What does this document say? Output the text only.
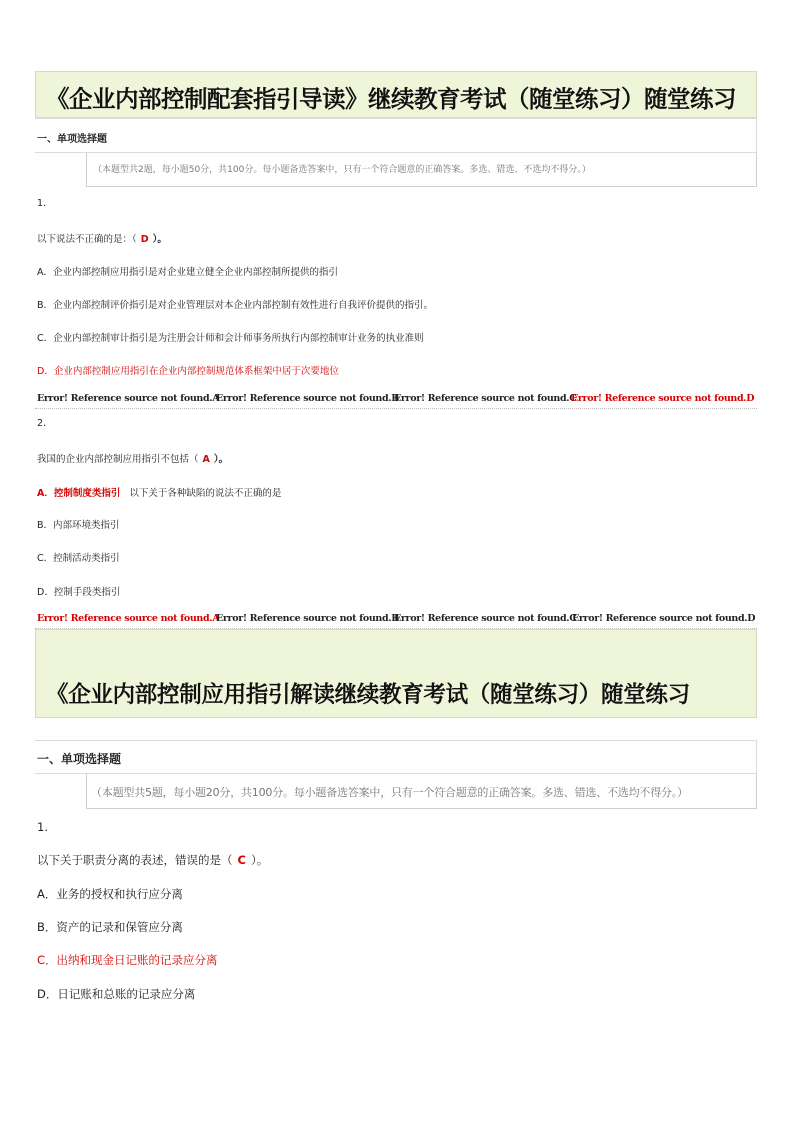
《企业内部控制配套指引导读》继续教育考试（随堂练习）随堂练习
一、单项选择题
（本题型共2题，每小题50分，共100分。每小题备选答案中，只有一个符合题意的正确答案。多选、错选、不选均不得分。）
1.
以下说法不正确的是：（ D ）。
A．企业内部控制应用指引是对企业建立健全企业内部控制所提供的指引
B．企业内部控制评价指引是对企业管理层对本企业内部控制有效性进行自我评价提供的指引。
C．企业内部控制审计指引是为注册会计师和会计师事务所执行内部控制审计业务的执业准则
D．企业内部控制应用指引在企业内部控制规范体系框架中居于次要地位
Error! Reference source not found.A
Error! Reference source not found.B
Error! Reference source not found.C
Error! Reference source not found.D
2.
我国的企业内部控制应用指引不包括（ A ）。
A．控制制度类指引 以下关于各种缺陷的说法不正确的是
B．内部环境类指引
C．控制活动类指引
D．控制手段类指引
Error! Reference source not found.A
Error! Reference source not found.B
Error! Reference source not found.C
Error! Reference source not found.D
《企业内部控制应用指引解读继续教育考试（随堂练习）随堂练习
一、单项选择题
（本题型共5题，每小题20分，共100分。每小题备选答案中，只有一个符合题意的正确答案。多选、错选、不选均不得分。）
1.
以下关于职责分离的表述，错误的是（ C ）。
A．业务的授权和执行应分离
B．资产的记录和保管应分离
C．出纳和现金日记账的记录应分离
D．日记账和总账的记录应分离
